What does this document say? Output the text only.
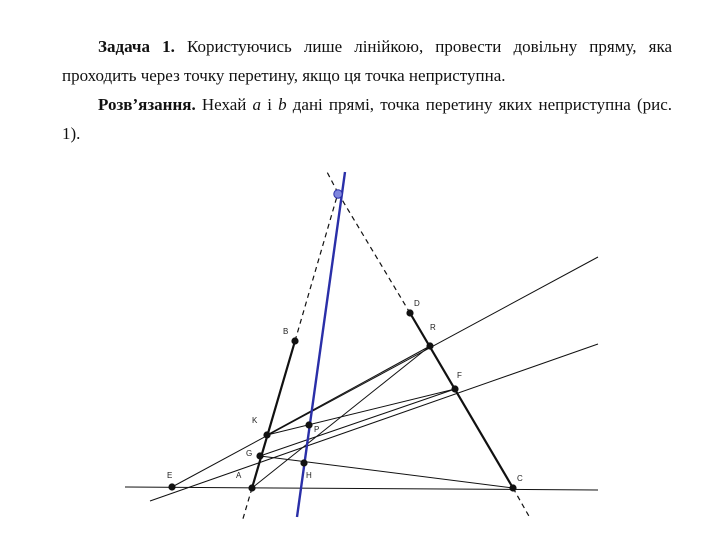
Задача 1. Користуючись лише лінійкою, провести довільну пряму, яка проходить через точку перетину, якщо ця точка неприступна.
Розв’язання. Нехай a і b дані прямі, точка перетину яких неприступна (рис. 1).
B
D
R
F
K
P
G
H
E	A	C
